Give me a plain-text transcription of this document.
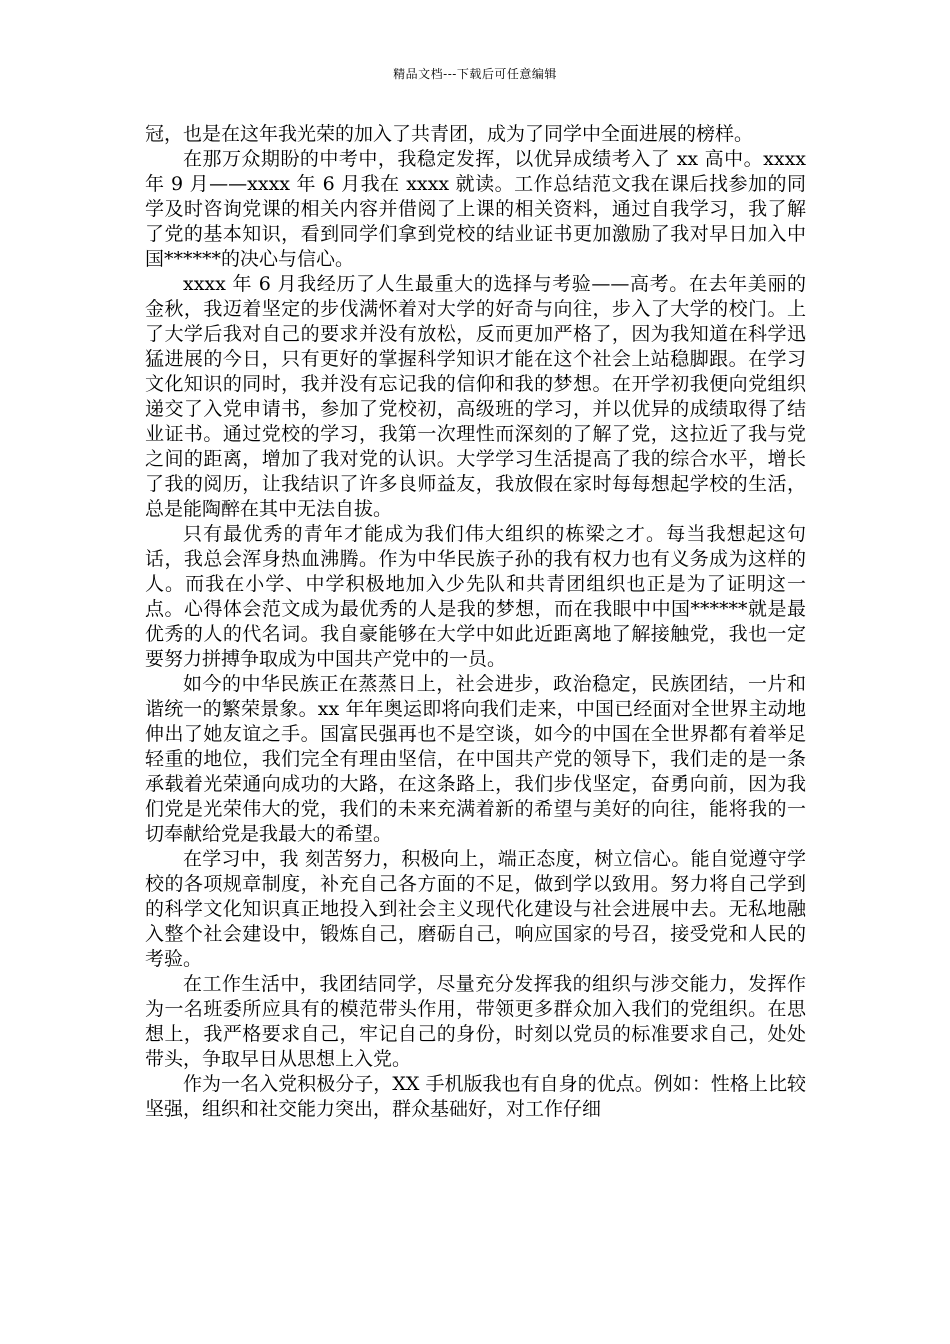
精品文档---下载后可任意编辑

冠，也是在这年我光荣的加入了共青团，成为了同学中全面进展的榜样。

在那万众期盼的中考中，我稳定发挥，以优异成绩考入了 xx 高中。xxxx 年 9 月——xxxx 年 6 月我在 xxxx 就读。工作总结范文我在课后找参加的同学及时咨询党课的相关内容并借阅了上课的相关资料，通过自我学习，我了解了党的基本知识，看到同学们拿到党校的结业证书更加激励了我对早日加入中国******的决心与信心。

xxxx 年 6 月我经历了人生最重大的选择与考验——高考。在去年美丽的金秋，我迈着坚定的步伐满怀着对大学的好奇与向往，步入了大学的校门。上了大学后我对自己的要求并没有放松，反而更加严格了，因为我知道在科学迅猛进展的今日，只有更好的掌握科学知识才能在这个社会上站稳脚跟。在学习文化知识的同时，我并没有忘记我的信仰和我的梦想。在开学初我便向党组织递交了入党申请书，参加了党校初，高级班的学习，并以优异的成绩取得了结业证书。通过党校的学习，我第一次理性而深刻的了解了党，这拉近了我与党之间的距离，增加了我对党的认识。大学学习生活提高了我的综合水平，增长了我的阅历，让我结识了许多良师益友，我放假在家时每每想起学校的生活，总是能陶醉在其中无法自拔。

只有最优秀的青年才能成为我们伟大组织的栋梁之才。每当我想起这句话，我总会浑身热血沸腾。作为中华民族子孙的我有权力也有义务成为这样的人。而我在小学、中学积极地加入少先队和共青团组织也正是为了证明这一点。心得体会范文成为最优秀的人是我的梦想，而在我眼中中国******就是最优秀的人的代名词。我自豪能够在大学中如此近距离地了解接触党，我也一定要努力拼搏争取成为中国共产党中的一员。

如今的中华民族正在蒸蒸日上，社会进步，政治稳定，民族团结，一片和谐统一的繁荣景象。xx 年年奥运即将向我们走来，中国已经面对全世界主动地伸出了她友谊之手。国富民强再也不是空谈，如今的中国在全世界都有着举足轻重的地位，我们完全有理由坚信，在中国共产党的领导下，我们走的是一条承载着光荣通向成功的大路，在这条路上，我们步伐坚定，奋勇向前，因为我们党是光荣伟大的党，我们的未来充满着新的希望与美好的向往，能将我的一切奉献给党是我最大的希望。

在学习中，我 刻苦努力，积极向上，端正态度，树立信心。能自觉遵守学校的各项规章制度，补充自己各方面的不足，做到学以致用。努力将自己学到的科学文化知识真正地投入到社会主义现代化建设与社会进展中去。无私地融入整个社会建设中，锻炼自己，磨砺自己，响应国家的号召，接受党和人民的考验。

在工作生活中，我团结同学，尽量充分发挥我的组织与涉交能力，发挥作为一名班委所应具有的模范带头作用，带领更多群众加入我们的党组织。在思想上，我严格要求自己，牢记自己的身份，时刻以党员的标准要求自己，处处带头，争取早日从思想上入党。

作为一名入党积极分子，XX 手机版我也有自身的优点。例如：性格上比较坚强，组织和社交能力突出，群众基础好，对工作仔细
